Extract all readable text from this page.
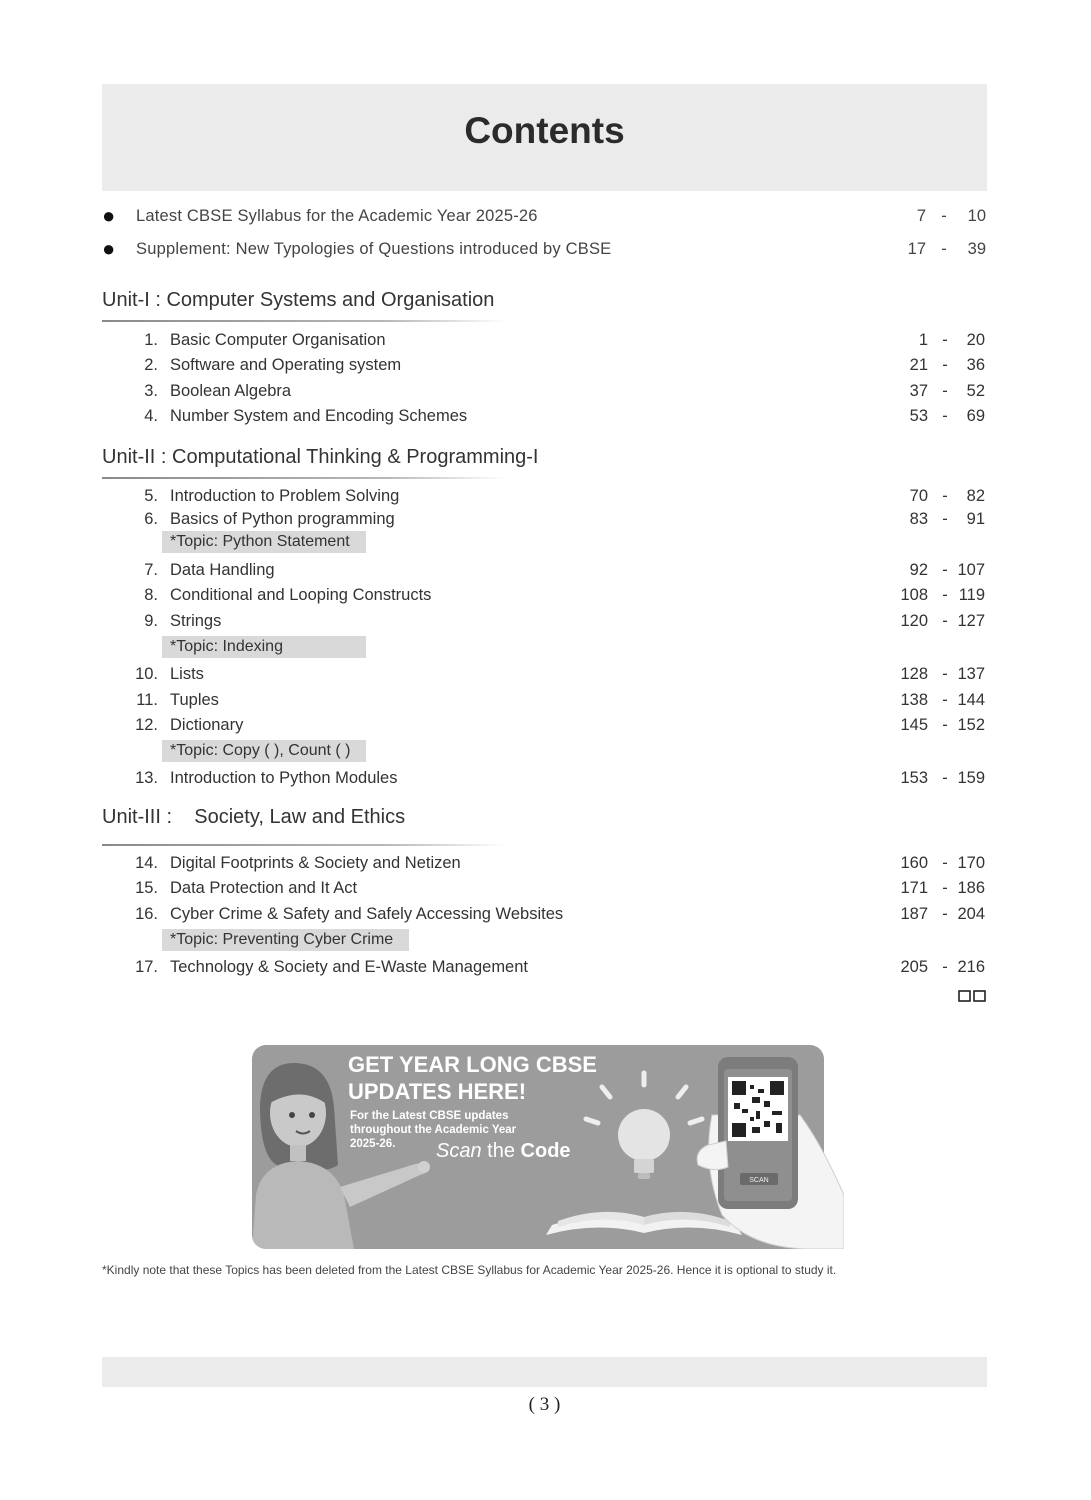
Contents
● Latest CBSE Syllabus for the Academic Year 2025-26	7 -	10
● Supplement: New Typologies of Questions introduced by CBSE	17 -	39
Unit-I : Computer Systems and Organisation
1. Basic Computer Organisation	1 -	20
2. Software and Operating system	21 -	36
3. Boolean Algebra	37 -	52
4. Number System and Encoding Schemes	53 -	69
Unit-II : Computational Thinking & Programming-I
5. Introduction to Problem Solving	70 -	82
6. Basics of Python programming	83 -	91
*Topic: Python Statement
7. Data Handling	92 - 107
8. Conditional and Looping Constructs	108 - 119
9. Strings	120 - 127
*Topic: Indexing
10. Lists	128 - 137
11. Tuples	138 - 144
12. Dictionary	145 - 152
*Topic: Copy ( ), Count ( )
13. Introduction to Python Modules	153 - 159
Unit-III :    Society, Law and Ethics
14. Digital Footprints & Society and Netizen	160 - 170
15. Data Protection and It Act	171 - 186
16. Cyber Crime & Safety and Safely Accessing Websites	187 - 204
*Topic: Preventing Cyber Crime
17. Technology & Society and E-Waste Management	205 - 216
GET YEAR LONG CBSE
UPDATES HERE!
For the Latest CBSE updates
throughout the Academic Year
2025-26. Scan the Code
SCAN
*Kindly note that these Topics has been deleted from the Latest CBSE Syllabus for Academic Year 2025-26. Hence it is optional to study it.
( 3 )
